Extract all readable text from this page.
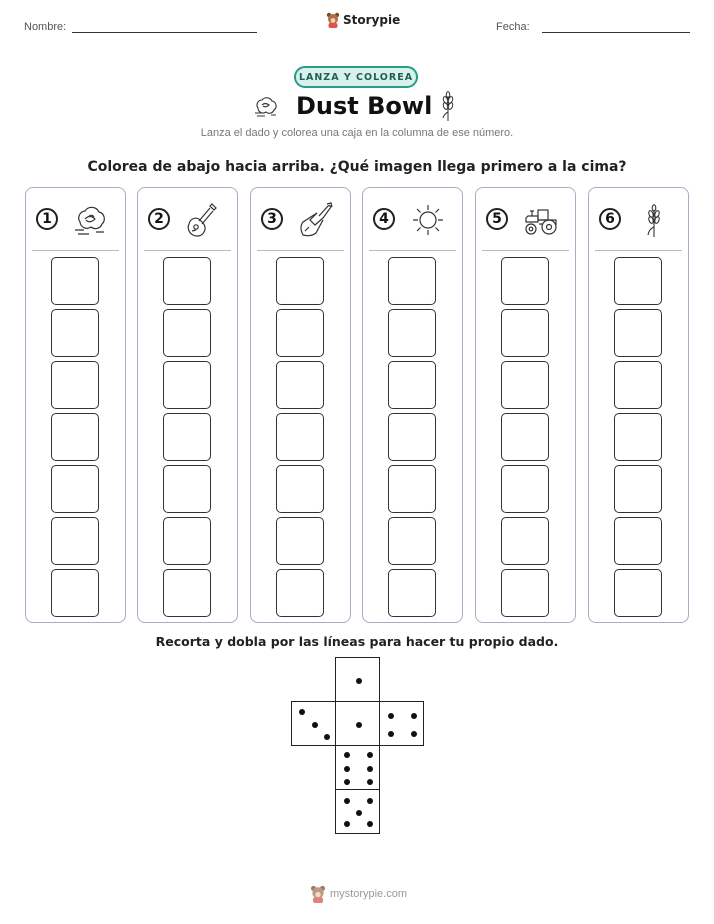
Nombre:	Storypie	Fecha:
LANZA Y COLOREA
Dust Bowl
Lanza el dado y colorea una caja en la columna de ese número.
Colorea de abajo hacia arriba. ¿Qué imagen llega primero a la cima?
1	2	3	4	5	6
Recorta y dobla por las líneas para hacer tu propio dado.
mystorypie.com
